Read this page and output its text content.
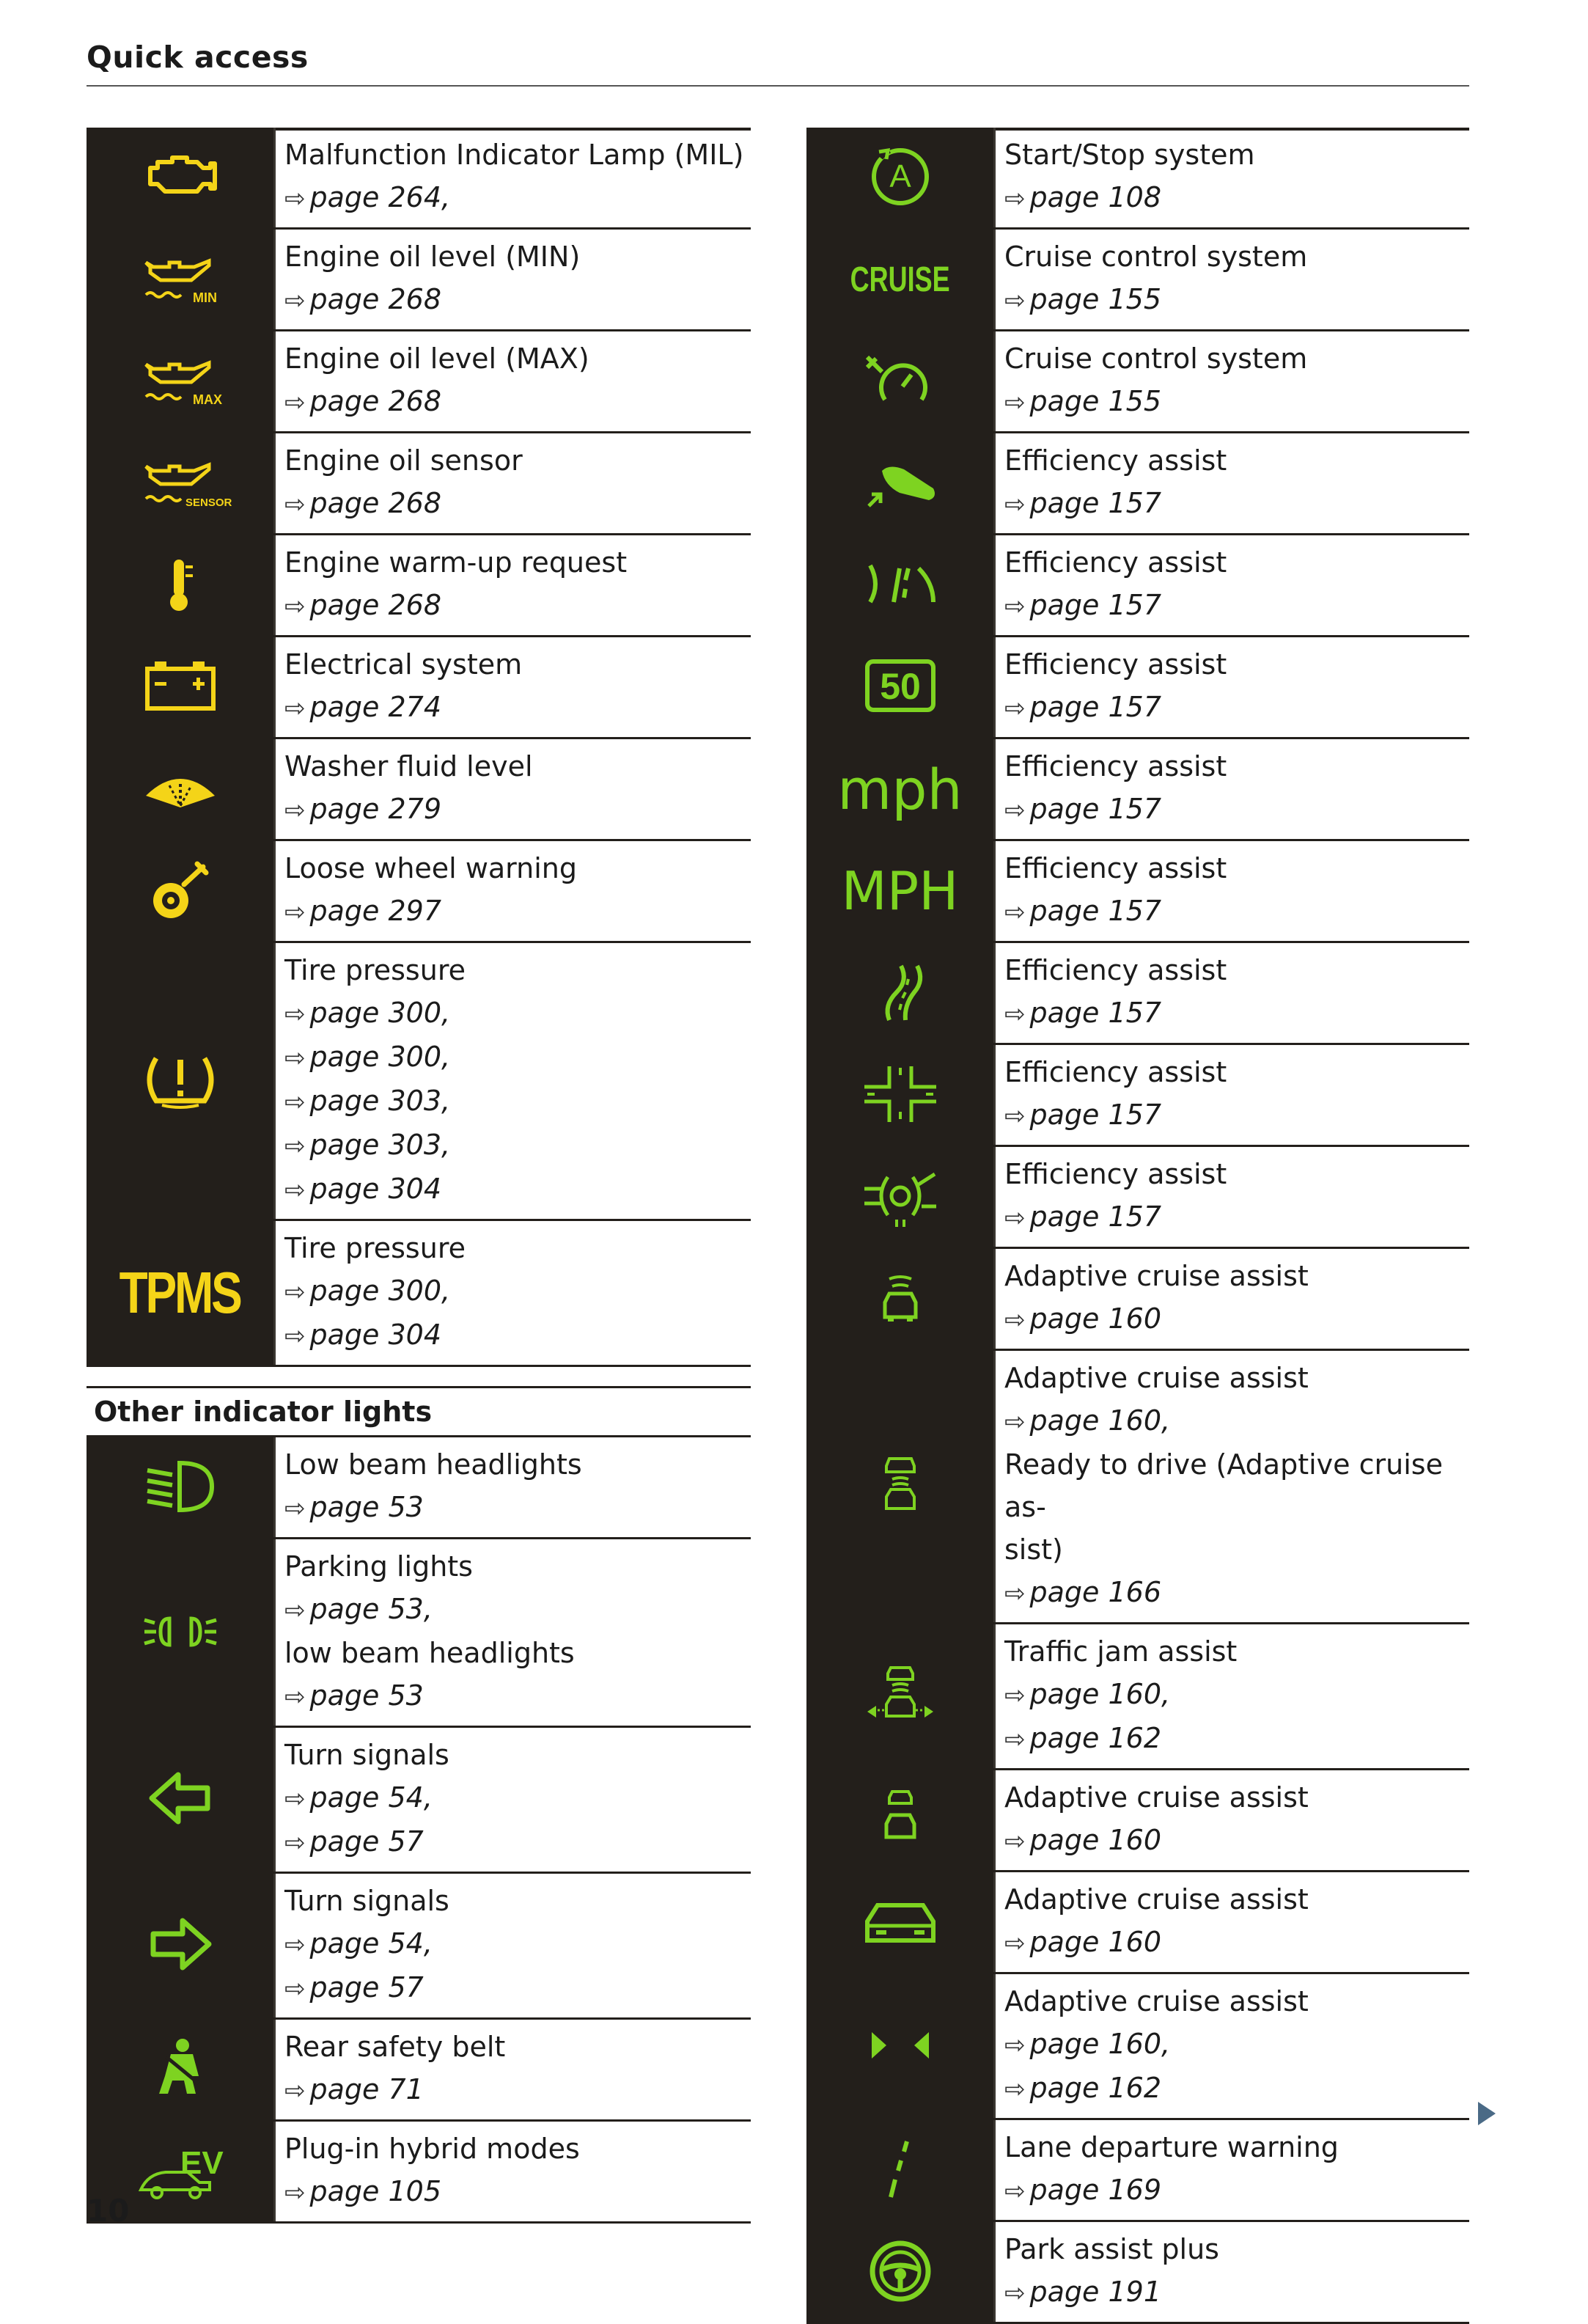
Quick access
Malfunction Indicator Lamp (MIL)
⇨ page 264,
MIN
Engine oil level (MIN)
⇨ page 268
MAX
Engine oil level (MAX)
⇨ page 268
SENSOR
Engine oil sensor
⇨ page 268
Engine warm-up request
⇨ page 268
Electrical system
⇨ page 274
Washer fluid level
⇨ page 279
Loose wheel warning
⇨ page 297
Tire pressure
⇨ page 300,
⇨ page 300,
⇨ page 303,
⇨ page 303,
⇨ page 304
TPMS
Tire pressure
⇨ page 300,
⇨ page 304
Other indicator lights
Low beam headlights
⇨ page 53
Parking lights
⇨ page 53,
low beam headlights
⇨ page 53
Turn signals
⇨ page 54,
⇨ page 57
Turn signals
⇨ page 54,
⇨ page 57
Rear safety belt
⇨ page 71
EV Plug-in hybrid modes
⇨ page 105
A
Start/Stop system
⇨ page 108
CRUISE
Cruise control system
⇨ page 155
Cruise control system
⇨ page 155
Efficiency assist
⇨ page 157
Efficiency assist
⇨ page 157
50
Efficiency assist
⇨ page 157
mph Efficiency assist
⇨ page 157
MPH Efficiency assist
⇨ page 157
Efficiency assist
⇨ page 157
Efficiency assist
⇨ page 157
Efficiency assist
⇨ page 157
Adaptive cruise assist
⇨ page 160
Adaptive cruise assist
⇨ page 160,
Ready to drive (Adaptive cruise as-
sist)
⇨ page 166
Traffic jam assist
⇨ page 160,
⇨ page 162
Adaptive cruise assist
⇨ page 160
Adaptive cruise assist
⇨ page 160
Adaptive cruise assist
⇨ page 160,
⇨ page 162
Lane departure warning
⇨ page 169
Park assist plus
⇨ page 191
10
